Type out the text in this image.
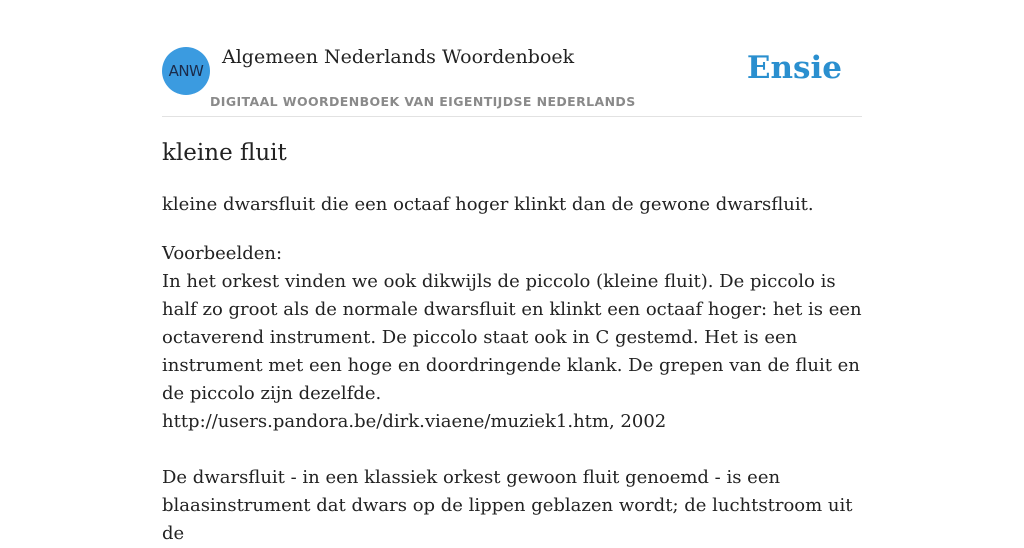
ANW
Algemeen Nederlands Woordenboek
DIGITAAL WOORDENBOEK VAN EIGENTIJDSE NEDERLANDS
Ensie
kleine fluit

kleine dwarsfluit die een octaaf hoger klinkt dan de gewone dwarsfluit.

Voorbeelden:

In het orkest vinden we ook dikwijls de piccolo (kleine fluit). De piccolo is half zo groot als de normale dwarsfluit en klinkt een octaaf hoger: het is een octaverend instrument. De piccolo staat ook in C gestemd. Het is een instrument met een hoge en doordringende klank. De grepen van de fluit en de piccolo zijn dezelfde.

http://users.pandora.be/dirk.viaene/muziek1.htm, 2002

De dwarsfluit - in een klassiek orkest gewoon fluit genoemd - is een blaasinstrument dat dwars op de lippen geblazen wordt; de luchtstroom uit de
